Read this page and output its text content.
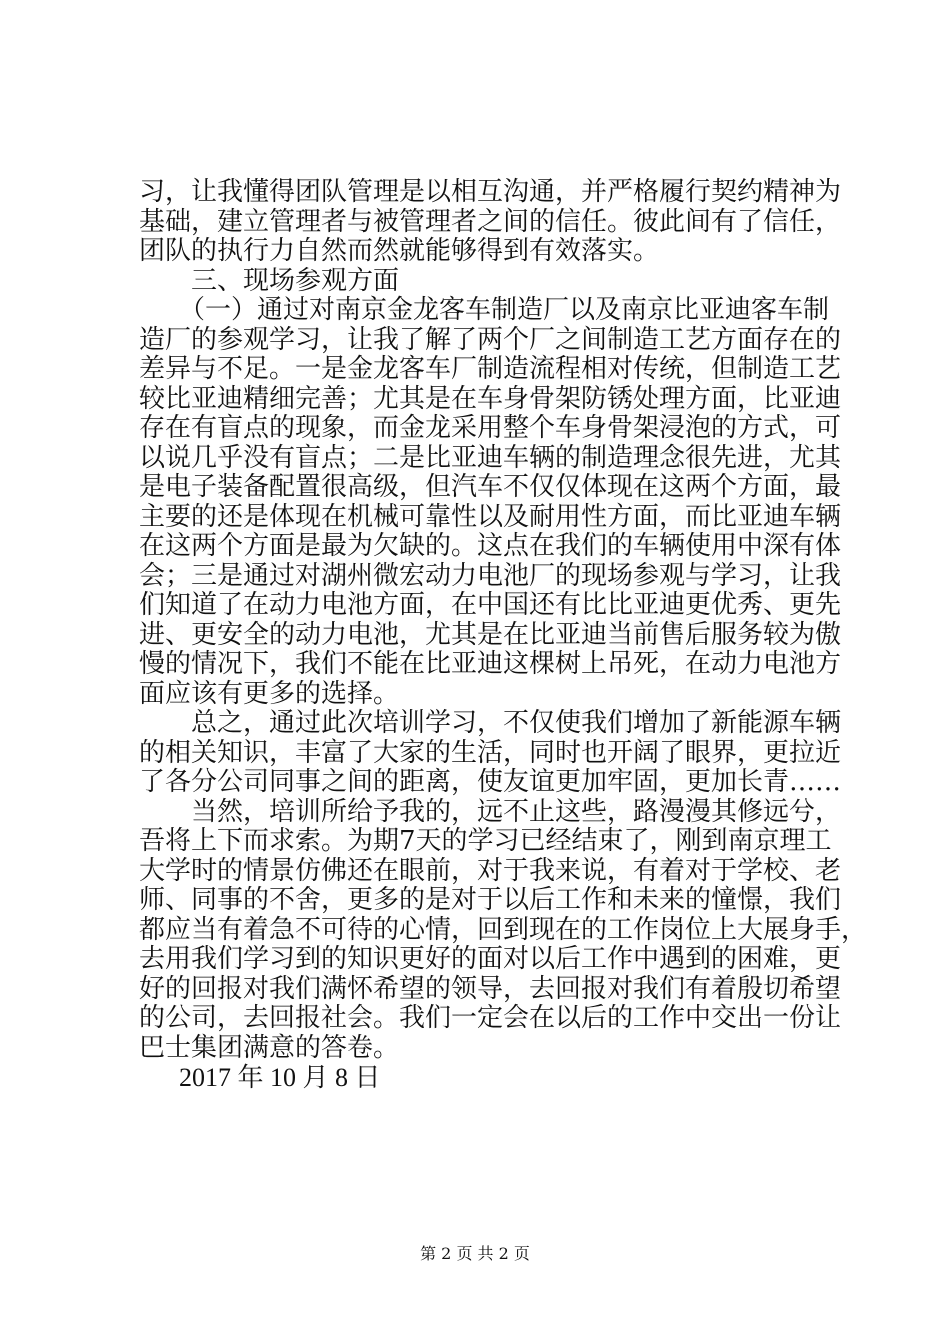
习，让我懂得团队管理是以相互沟通，并严格履行契约精神为
基础，建立管理者与被管理者之间的信任。彼此间有了信任，
团队的执行力自然而然就能够得到有效落实。
三、现场参观方面
（一）通过对南京金龙客车制造厂以及南京比亚迪客车制
造厂的参观学习，让我了解了两个厂之间制造工艺方面存在的
差异与不足。一是金龙客车厂制造流程相对传统，但制造工艺
较比亚迪精细完善；尤其是在车身骨架防锈处理方面，比亚迪
存在有盲点的现象，而金龙采用整个车身骨架浸泡的方式，可
以说几乎没有盲点；二是比亚迪车辆的制造理念很先进，尤其
是电子装备配置很高级，但汽车不仅仅体现在这两个方面，最
主要的还是体现在机械可靠性以及耐用性方面，而比亚迪车辆
在这两个方面是最为欠缺的。这点在我们的车辆使用中深有体
会；三是通过对湖州微宏动力电池厂的现场参观与学习，让我
们知道了在动力电池方面，在中国还有比比亚迪更优秀、更先
进、更安全的动力电池，尤其是在比亚迪当前售后服务较为傲
慢的情况下，我们不能在比亚迪这棵树上吊死，在动力电池方
面应该有更多的选择。
总之，通过此次培训学习，不仅使我们增加了新能源车辆
的相关知识，丰富了大家的生活，同时也开阔了眼界，更拉近
了各分公司同事之间的距离，使友谊更加牢固，更加长青……
当然，培训所给予我的，远不止这些，路漫漫其修远兮，
吾将上下而求索。为期7天的学习已经结束了，刚到南京理工
大学时的情景仿佛还在眼前，对于我来说，有着对于学校、老
师、同事的不舍，更多的是对于以后工作和未来的憧憬，我们
都应当有着急不可待的心情，回到现在的工作岗位上大展身手，
去用我们学习到的知识更好的面对以后工作中遇到的困难，更
好的回报对我们满怀希望的领导，去回报对我们有着殷切希望
的公司，去回报社会。我们一定会在以后的工作中交出一份让
巴士集团满意的答卷。
2017 年 10 月 8 日
第 2 页 共 2 页
